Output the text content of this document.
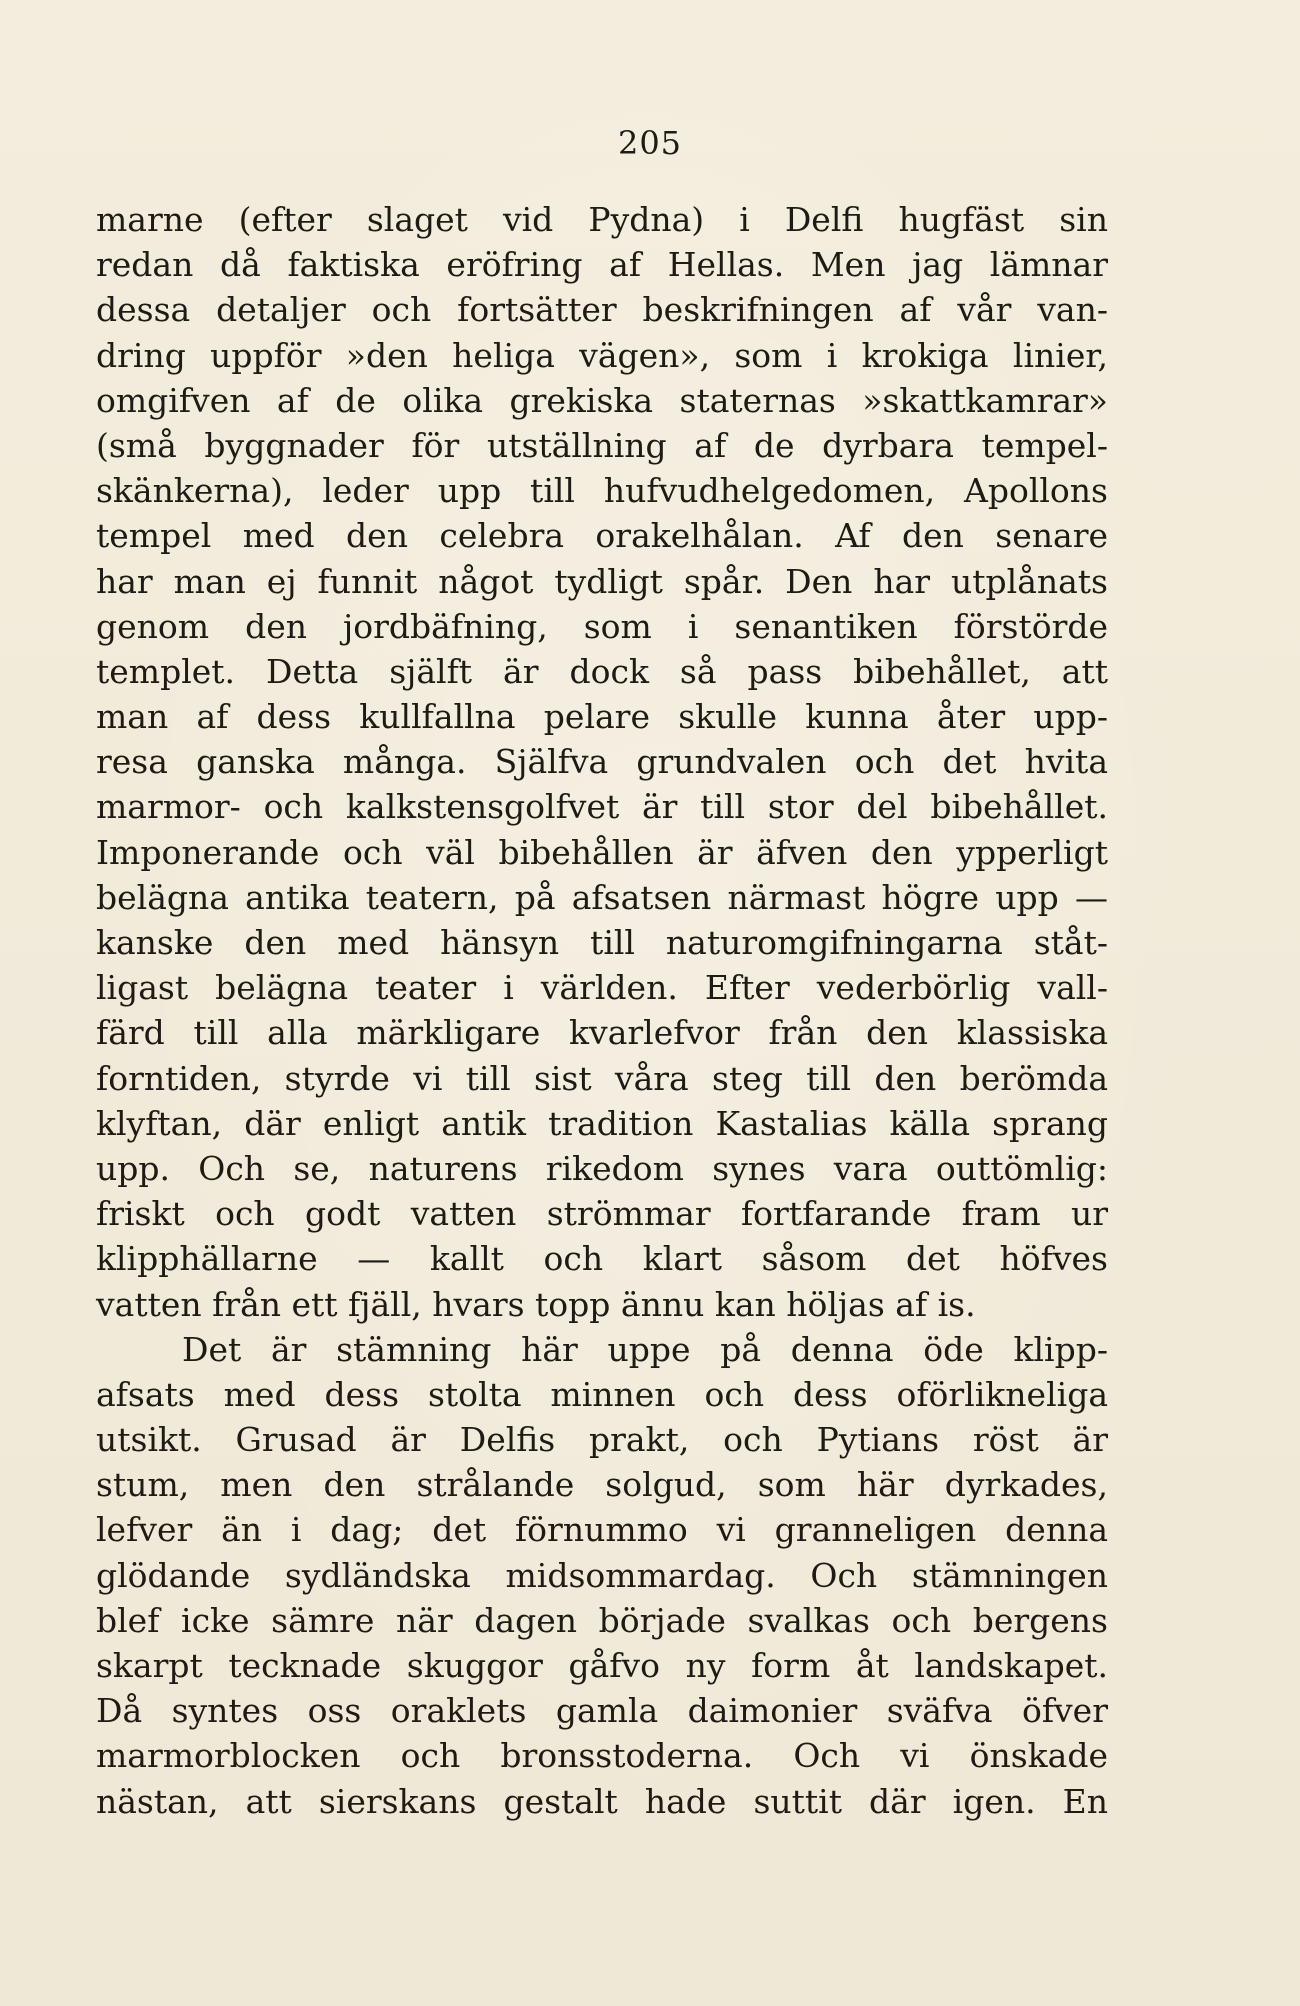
205
marne (efter slaget vid Pydna) i Delfi hugfäst sin
redan då faktiska eröfring af Hellas. Men jag lämnar
dessa detaljer och fortsätter beskrifningen af vår van-
dring uppför »den heliga vägen», som i krokiga linier,
omgifven af de olika grekiska staternas »skattkamrar»
(små byggnader för utställning af de dyrbara tempel-
skänkerna), leder upp till hufvudhelgedomen, Apollons
tempel med den celebra orakelhålan. Af den senare
har man ej funnit något tydligt spår. Den har utplånats
genom den jordbäfning, som i senantiken förstörde
templet. Detta själft är dock så pass bibehållet, att
man af dess kullfallna pelare skulle kunna åter upp-
resa ganska många. Själfva grundvalen och det hvita
marmor- och kalkstensgolfvet är till stor del bibehållet.
Imponerande och väl bibehållen är äfven den ypperligt
belägna antika teatern, på afsatsen närmast högre upp —
kanske den med hänsyn till naturomgifningarna ståt-
ligast belägna teater i världen. Efter vederbörlig vall-
färd till alla märkligare kvarlefvor från den klassiska
forntiden, styrde vi till sist våra steg till den berömda
klyftan, där enligt antik tradition Kastalias källa sprang
upp. Och se, naturens rikedom synes vara outtömlig:
friskt och godt vatten strömmar fortfarande fram ur
klipphällarne — kallt och klart såsom det höfves
vatten från ett fjäll, hvars topp ännu kan höljas af is.
Det är stämning här uppe på denna öde klipp-
afsats med dess stolta minnen och dess oförlikneliga
utsikt. Grusad är Delfis prakt, och Pytians röst är
stum, men den strålande solgud, som här dyrkades,
lefver än i dag; det förnummo vi granneligen denna
glödande sydländska midsommardag. Och stämningen
blef icke sämre när dagen började svalkas och bergens
skarpt tecknade skuggor gåfvo ny form åt landskapet.
Då syntes oss oraklets gamla daimonier sväfva öfver
marmorblocken och bronsstoderna. Och vi önskade
nästan, att sierskans gestalt hade suttit där igen. En
